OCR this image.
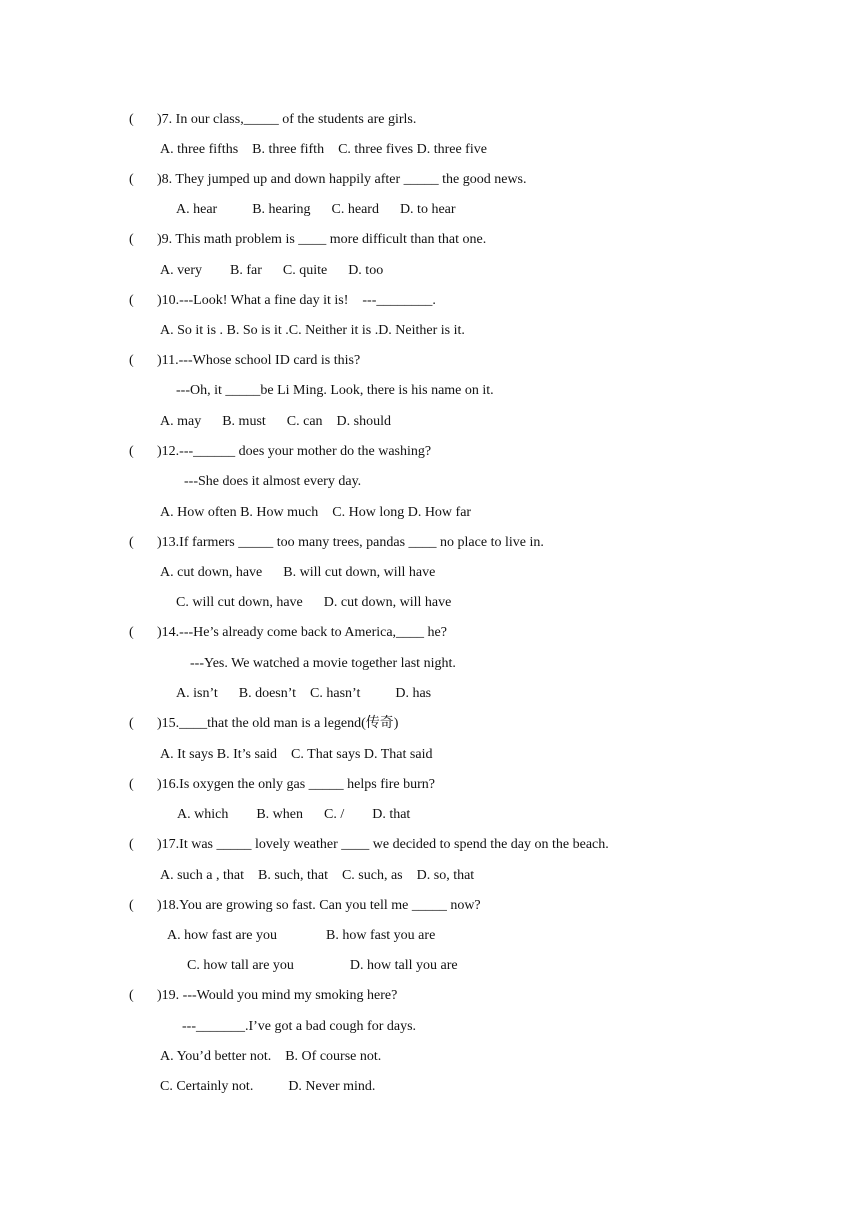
( )7. In our class,_____ of the students are girls.
A. three fifths    B. three fifth    C. three fives D. three five
( )8. They jumped up and down happily after _____ the good news.
A. hear          B. hearing      C. heard      D. to hear
( )9. This math problem is ____ more difficult than that one.
A. very        B. far      C. quite      D. too
( )10.---Look! What a fine day it is!    ---________.
A. So it is . B. So is it .C. Neither it is .D. Neither is it.
( )11.---Whose school ID card is this?
---Oh, it _____be Li Ming. Look, there is his name on it.
A. may      B. must      C. can    D. should
( )12.---______ does your mother do the washing?
---She does it almost every day.
A. How often B. How much    C. How long D. How far
( )13.If farmers _____ too many trees, pandas ____ no place to live in.
A. cut down, have      B. will cut down, will have
C. will cut down, have      D. cut down, will have
( )14.---He’s already come back to America,____ he?
---Yes. We watched a movie together last night.
A. isn’t      B. doesn’t    C. hasn’t          D. has
( )15.____that the old man is a legend(传奇)
A. It says B. It’s said    C. That says D. That said
( )16.Is oxygen the only gas _____ helps fire burn?
A. which        B. when      C. /        D. that
( )17.It was _____ lovely weather ____ we decided to spend the day on the beach.
A. such a , that    B. such, that    C. such, as    D. so, that
( )18.You are growing so fast. Can you tell me _____ now?
A. how fast are you              B. how fast you are
C. how tall are you                D. how tall you are
( )19. ---Would you mind my smoking here?
---_______.I’ve got a bad cough for days.
A. You’d better not.    B. Of course not.
C. Certainly not.          D. Never mind.
